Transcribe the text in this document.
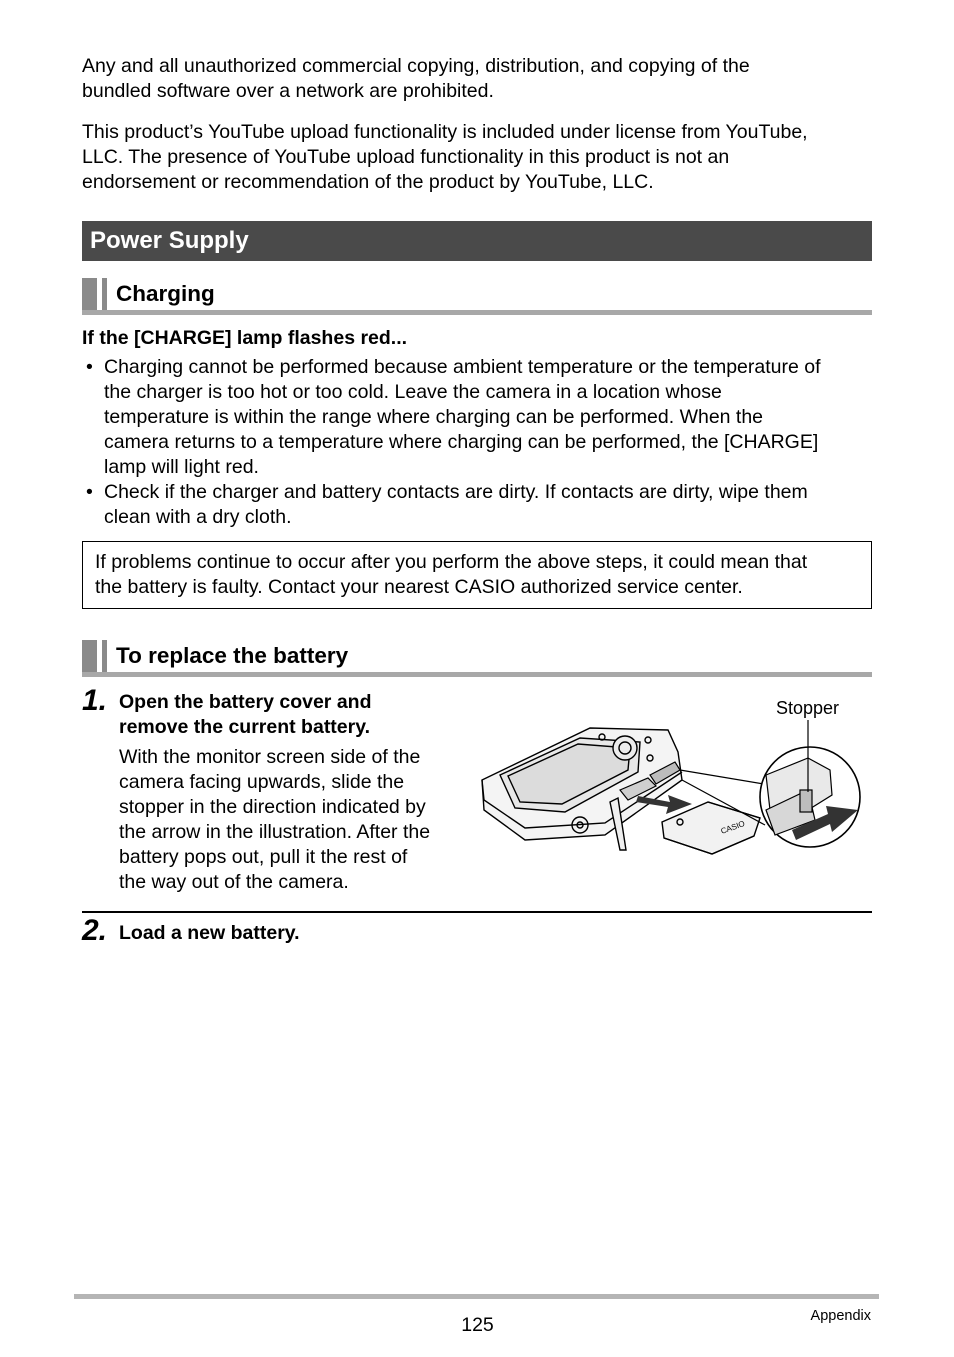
Any and all unauthorized commercial copying, distribution, and copying of the
bundled software over a network are prohibited.

This product’s YouTube upload functionality is included under license from YouTube,
LLC. The presence of YouTube upload functionality in this product is not an
endorsement or recommendation of the product by YouTube, LLC.

Power Supply
Charging
If the [CHARGE] lamp flashes red...
• Charging cannot be performed because ambient temperature or the temperature of
the charger is too hot or too cold. Leave the camera in a location whose
temperature is within the range where charging can be performed. When the
camera returns to a temperature where charging can be performed, the [CHARGE]
lamp will light red.
• Check if the charger and battery contacts are dirty. If contacts are dirty, wipe them
clean with a dry cloth.
If problems continue to occur after you perform the above steps, it could mean that
the battery is faulty. Contact your nearest CASIO authorized service center.
To replace the battery
1. Open the battery cover and
remove the current battery.

With the monitor screen side of the
camera facing upwards, slide the
stopper in the direction indicated by
the arrow in the illustration. After the
battery pops out, pull it the rest of
the way out of the camera.

CASIO
Stopper
2. Load a new battery.
125	Appendix
